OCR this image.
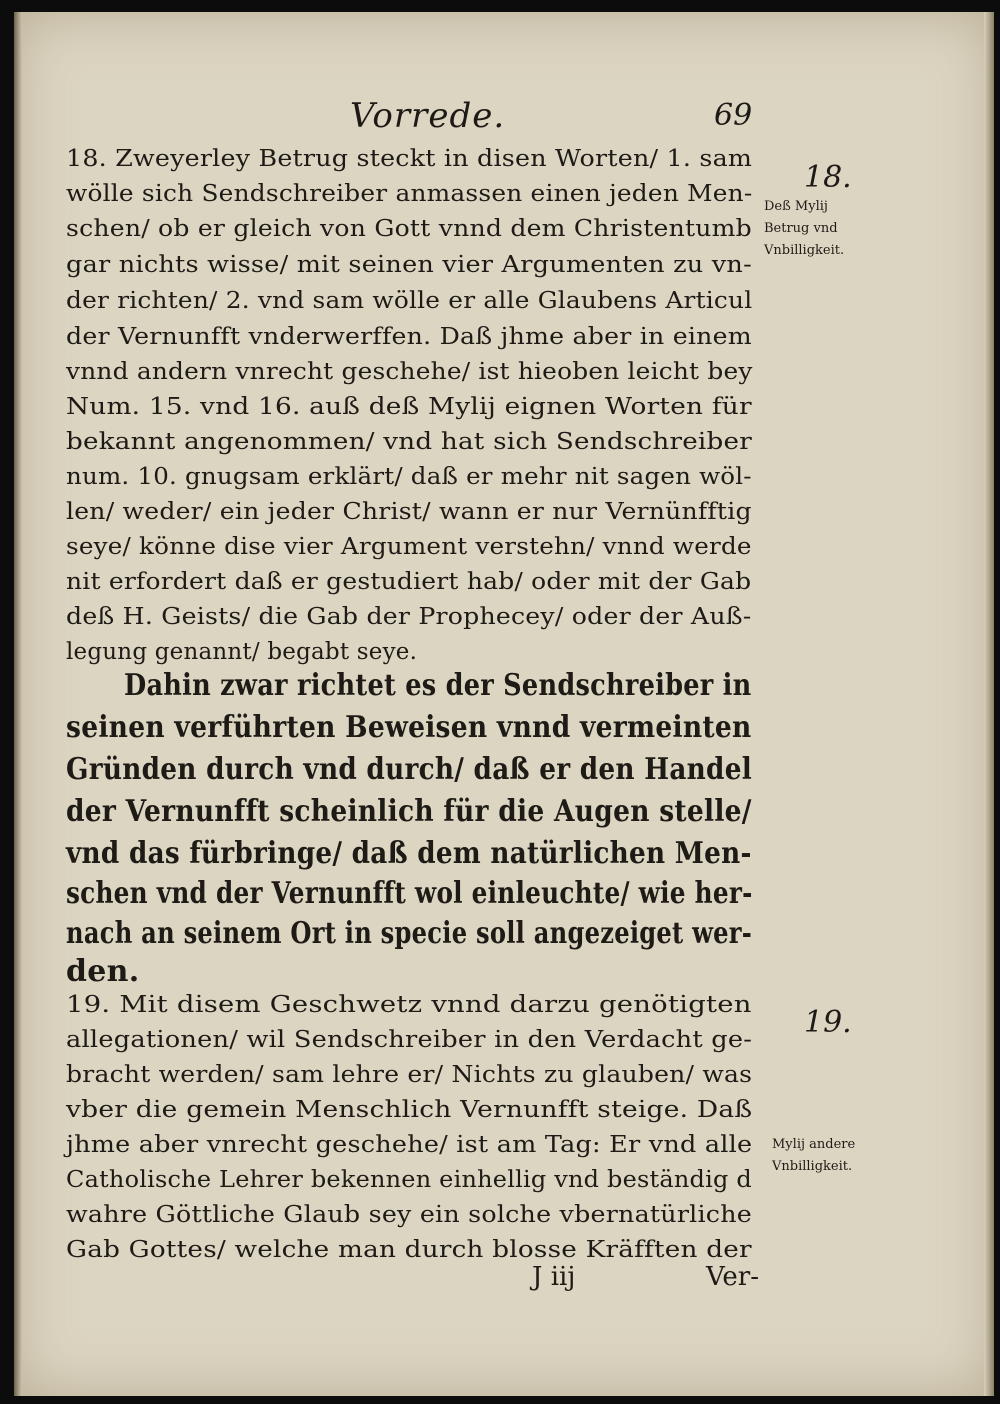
Vorrede.	69
18. Zweyerley Betrug steckt in disen Worten/ 1. sam
wölle sich Sendschreiber anmassen einen jeden Men-
schen/ ob er gleich von Gott vnnd dem Christentumb
gar nichts wisse/ mit seinen vier Argumenten zu vn-
der richten/ 2. vnd sam wölle er alle Glaubens Articul
der Vernunfft vnderwerffen. Daß jhme aber in einem
vnnd andern vnrecht geschehe/ ist hieoben leicht bey
Num. 15. vnd 16. auß deß Mylij eignen Worten für
bekannt angenommen/ vnd hat sich Sendschreiber
num. 10. gnugsam erklärt/ daß er mehr nit sagen wöl-
len/ weder/ ein jeder Christ/ wann er nur Vernünfftig
seye/ könne dise vier Argument verstehn/ vnnd werde
nit erfordert daß er gestudiert hab/ oder mit der Gab
deß H. Geists/ die Gab der Prophecey/ oder der Auß-
legung genannt/ begabt seye.
Dahin zwar richtet es der Sendschreiber in
seinen verführten Beweisen vnnd vermeinten
Gründen durch vnd durch/ daß er den Handel
der Vernunfft scheinlich für die Augen stelle/
vnd das fürbringe/ daß dem natürlichen Men-
schen vnd der Vernunfft wol einleuchte/ wie her-
nach an seinem Ort in specie soll angezeiget wer-
den.
19. Mit disem Geschwetz vnnd darzu genötigten
allegationen/ wil Sendschreiber in den Verdacht ge-
bracht werden/ sam lehre er/ Nichts zu glauben/ was
vber die gemein Menschlich Vernunfft steige. Daß
jhme aber vnrecht geschehe/ ist am Tag: Er vnd alle
Catholische Lehrer bekennen einhellig vnd beständig d
wahre Göttliche Glaub sey ein solche vbernatürliche
Gab Gottes/ welche man durch blosse Kräfften der
18.
Deß Mylij
Betrug vnd
Vnbilligkeit.
19.
Mylij andere
Vnbilligkeit.
J iij	Ver-
